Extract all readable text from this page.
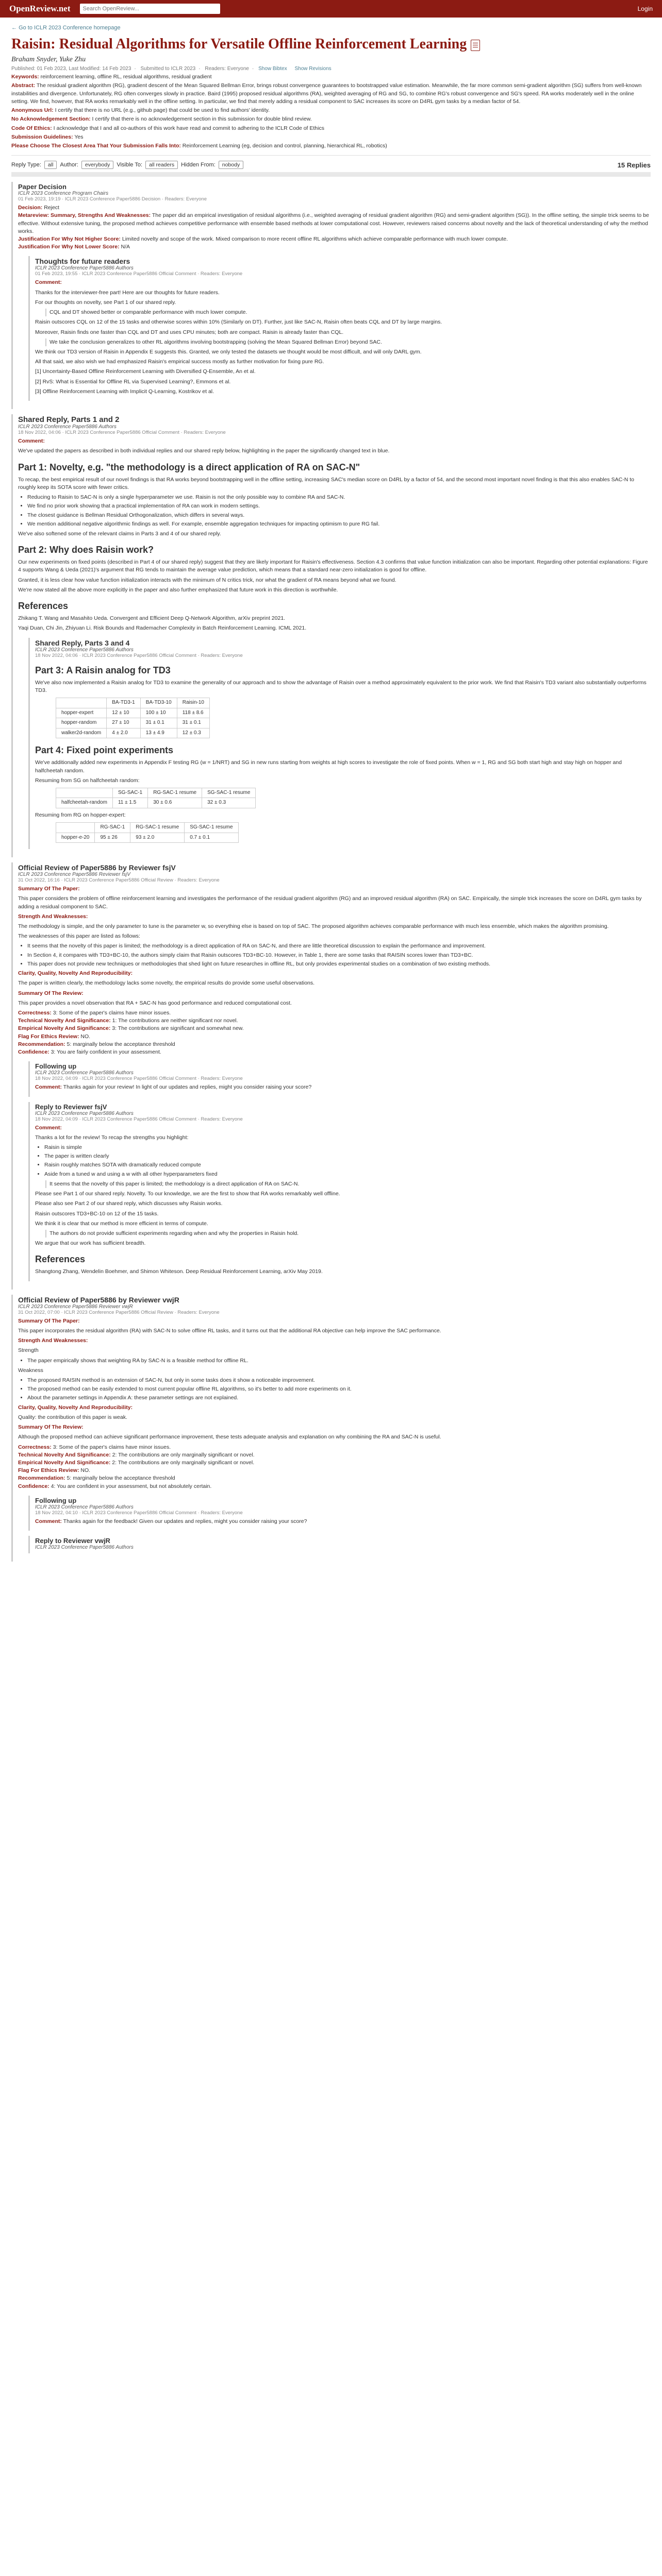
OpenReview.net
Search OpenReview...	Login
← Go to ICLR 2023 Conference homepage
Raisin: Residual Algorithms for Versatile Offline Reinforcement Learning
Braham Snyder, Yuke Zhu
Published: 01 Feb 2023, Last Modified: 14 Feb 2023 · Submitted to ICLR 2023 · Readers: Everyone · Show Bibtex Show Revisions
Keywords: reinforcement learning, offline RL, residual algorithms, residual gradient
Abstract: The residual gradient algorithm (RG), gradient descent of the Mean Squared Bellman Error, brings robust convergence guarantees to bootstrapped value estimation. Meanwhile, the far more common semi-gradient algorithm (SG) suffers from well-known instabilities and divergence. Unfortunately, RG often converges slowly in practice. Baird (1995) proposed residual algorithms (RA), weighted averaging of RG and SG, to combine RG's robust convergence and SG's speed. RA works moderately well in the online setting. We find, however, that RA works remarkably well in the offline setting. In particular, we find that merely adding a residual component to SAC increases its score on D4RL gym tasks by a median factor of 54.
Anonymous Url: I certify that there is no URL (e.g., github page) that could be used to find authors' identity.
No Acknowledgement Section: I certify that there is no acknowledgement section in this submission for double blind review.
Code Of Ethics: I acknowledge that I and all co-authors of this work have read and commit to adhering to the ICLR Code of Ethics
Submission Guidelines: Yes
Please Choose The Closest Area That Your Submission Falls Into: Reinforcement Learning (eg, decision and control, planning, hierarchical RL, robotics)
Reply Type:	all	Author:	everybody	Visible To:	all readers	Hidden From:	nobody	15 Replies
Paper Decision
ICLR 2023 Conference Program Chairs
01 Feb 2023, 19:19 · ICLR 2023 Conference Paper5886 Decision · Readers: Everyone
Decision: Reject
Metareview: Summary, Strengths And Weaknesses: The paper did an empirical investigation of residual algorithms (i.e., weighted averaging of residual gradient algorithm (RG) and semi-gradient algorithm (SG)). In the offline setting, the simple trick seems to be effective. Without extensive tuning, the proposed method achieves competitive performance with ensemble based methods at lower computational cost. However, reviewers raised concerns about novelty and the lack of theoretical understanding of why the method works.
Justification For Why Not Higher Score: Limited novelty and scope of the work. Mixed comparison to more recent offline RL algorithms which achieve comparable performance with much lower compute.
Justification For Why Not Lower Score: N/A
Thoughts for future readers
ICLR 2023 Conference Paper5886 Authors
01 Feb 2023, 19:55 · ICLR 2023 Conference Paper5886 Official Comment · Readers: Everyone
Comment:

Thanks for the interviewer-free part! Here are our thoughts for future readers.

For our thoughts on novelty, see Part 1 of our shared reply.

CQL and DT showed better or comparable performance with much lower compute.

Raisin outscores CQL on 12 of the 15 tasks and otherwise scores within 10% (Similarly on DT). Further, just like SAC-N, Raisin often beats CQL and DT by large margins.

Moreover, Raisin finds one faster than CQL and DT and uses CPU minutes; both are compact. Raisin is already faster than CQL.

We take the conclusion generalizes to other RL algorithms involving bootstrapping (solving the Mean Squared Bellman Error) beyond SAC.

We think our TD3 version of Raisin in Appendix E suggests this. Granted, we only tested the datasets we thought would be most difficult, and will only DARL gym.

All that said, we also wish we had emphasized Raisin's empirical success mostly as further motivation for fixing pure RG.

[1] Uncertainty-Based Offline Reinforcement Learning with Diversified Q-Ensemble, An et al.

[2] RvS: What is Essential for Offline RL via Supervised Learning?, Emmons et al.

[3] Offline Reinforcement Learning with Implicit Q-Learning, Kostrikov et al.

Shared Reply, Parts 1 and 2
ICLR 2023 Conference Paper5886 Authors
18 Nov 2022, 04:06 · ICLR 2023 Conference Paper5886 Official Comment · Readers: Everyone
Comment:

We've updated the papers as described in both individual replies and our shared reply below, highlighting in the paper the significantly changed text in blue.

Part 1: Novelty, e.g. "the methodology is a direct application of RA on SAC-N"

To recap, the best empirical result of our novel findings is that RA works beyond bootstrapping well in the offline setting, increasing SAC's median score on D4RL by a factor of 54, and the second most important novel finding is that this also enables SAC-N to roughly keep its SOTA score with fewer critics.

• Reducing to Raisin to SAC-N is only a single hyperparameter we use. Raisin is not the only possible way to combine RA and SAC-N.
• We find no prior work showing that a practical implementation of RA can work in modern settings.
• The closest guidance is Bellman Residual Orthogonalization, which differs in several ways.
• We mention additional negative algorithmic findings as well. For example, ensemble aggregation techniques for impacting optimism to pure RG fail.

We've also softened some of the relevant claims in Parts 3 and 4 of our shared reply.

Part 2: Why does Raisin work?

Our new experiments on fixed points (described in Part 4 of our shared reply) suggest that they are likely important for Raisin's effectiveness. Section 4.3 confirms that value function initialization can also be important. Regarding other potential explanations: Figure 4 supports Wang & Ueda (2021)'s argument that RG tends to maintain the average value prediction, which means that a standard near-zero initialization is good for offline.

Granted, it is less clear how value function initialization interacts with the minimum of N critics trick, nor what the gradient of RA means beyond what we found.

We're now stated all the above more explicitly in the paper and also further emphasized that future work in this direction is worthwhile.

References

Zhikang T. Wang and Masahito Ueda. Convergent and Efficient Deep Q-Network Algorithm, arXiv preprint 2021.

Yaqi Duan, Chi Jin, Zhiyuan Li. Risk Bounds and Rademacher Complexity in Batch Reinforcement Learning. ICML 2021.

Shared Reply, Parts 3 and 4
ICLR 2023 Conference Paper5886 Authors
18 Nov 2022, 04:06 · ICLR 2023 Conference Paper5886 Official Comment · Readers: Everyone
Part 3: A Raisin analog for TD3

We've also now implemented a Raisin analog for TD3 to examine the generality of our approach and to show the advantage of Raisin over a method approximately equivalent to the prior work. We find that Raisin's TD3 variant also substantially outperforms TD3.

	BA-TD3-1	BA-TD3-10	Raisin-10
hopper-expert	12 ± 10	100 ± 10	118 ± 8.6
hopper-random	27 ± 10	31 ± 0.1	31 ± 0.1
walker2d-random	4 ± 2.0	13 ± 4.9	12 ± 0.3
Part 4: Fixed point experiments

We've additionally added new experiments in Appendix F testing RG (w = 1/NRT) and SG in new runs starting from weights at high scores to investigate the role of fixed points. When w = 1, RG and SG both start high and stay high on hopper and halfcheetah random.

Resuming from SG on halfcheetah random:

	SG-SAC-1	RG-SAC-1 resume	SG-SAC-1 resume
halfcheetah-random	11 ± 1.5	30 ± 0.6	32 ± 0.3

Resuming from RG on hopper-expert:

	RG-SAC-1	RG-SAC-1 resume	SG-SAC-1 resume
hopper-e-20	95 ± 26	93 ± 2.0	0.7 ± 0.1
Official Review of Paper5886 by Reviewer fsjV
ICLR 2023 Conference Paper5886 Reviewer fsjV
31 Oct 2022, 16:16 · ICLR 2023 Conference Paper5886 Official Review · Readers: Everyone
Summary Of The Paper:

This paper considers the problem of offline reinforcement learning and investigates the performance of the residual gradient algorithm (RG) and an improved residual algorithm (RA) on SAC. Empirically, the simple trick increases the score on D4RL gym tasks by adding a residual component to SAC.

Strength And Weaknesses:

The methodology is simple, and the only parameter to tune is the parameter w, so everything else is based on top of SAC. The proposed algorithm achieves comparable performance with much less ensemble, which makes the algorithm promising.

The weaknesses of this paper are listed as follows:

• It seems that the novelty of this paper is limited; the methodology is a direct application of RA on SAC-N, and there are little theoretical discussion to explain the performance and improvement.
• In Section 4, it compares with TD3+BC-10, the authors simply claim that Raisin outscores TD3+BC-10. However, in Table 1, there are some tasks that RAISIN scores lower than TD3+BC.
• This paper does not provide new techniques or methodologies that shed light on future researches in offline RL, but only provides experimental studies on a combination of two existing methods.
Clarity, Quality, Novelty And Reproducibility:

The paper is written clearly, the methodology lacks some novelty, the empirical results do provide some useful observations.

Summary Of The Review:

This paper provides a novel observation that RA + SAC-N has good performance and reduced computational cost.

Correctness: 3: Some of the paper's claims have minor issues.
Technical Novelty And Significance: 1: The contributions are neither significant nor novel.
Empirical Novelty And Significance: 3: The contributions are significant and somewhat new.
Flag For Ethics Review: NO.
Recommendation: 5: marginally below the acceptance threshold
Confidence: 3: You are fairly confident in your assessment.
Following up
ICLR 2023 Conference Paper5886 Authors
18 Nov 2022, 04:09 · ICLR 2023 Conference Paper5886 Official Comment · Readers: Everyone
Comment: Thanks again for your review! In light of our updates and replies, might you consider raising your score?
Reply to Reviewer fsjV
ICLR 2023 Conference Paper5886 Authors
18 Nov 2022, 04:09 · ICLR 2023 Conference Paper5886 Official Comment · Readers: Everyone
Comment:

Thanks a lot for the review! To recap the strengths you highlight:

• Raisin is simple
• The paper is written clearly
• Raisin roughly matches SOTA with dramatically reduced compute
• Aside from a tuned w and using a w with all other hyperparameters fixed

It seems that the novelty of this paper is limited; the methodology is a direct application of RA on SAC-N.

Please see Part 1 of our shared reply. Novelty. To our knowledge, we are the first to show that RA works remarkably well offline.

Please also see Part 2 of our shared reply, which discusses why Raisin works.

Raisin outscores TD3+BC-10 on 12 of the 15 tasks.

We think it is clear that our method is more efficient in terms of compute.

The authors do not provide sufficient experiments regarding when and why the properties in Raisin hold.

We argue that our work has sufficient breadth.

References

Shangtong Zhang, Wendelin Boehmer, and Shimon Whiteson. Deep Residual Reinforcement Learning, arXiv May 2019.

Official Review of Paper5886 by Reviewer vwjR
ICLR 2023 Conference Paper5886 Reviewer vwjR
31 Oct 2022, 07:00 · ICLR 2023 Conference Paper5886 Official Review · Readers: Everyone
Summary Of The Paper:

This paper incorporates the residual algorithm (RA) with SAC-N to solve offline RL tasks, and it turns out that the additional RA objective can help improve the SAC performance.

Strength And Weaknesses:

Strength

• The paper empirically shows that weighting RA by SAC-N is a feasible method for offline RL.

Weakness

• The proposed RAISIN method is an extension of SAC-N, but only in some tasks does it show a noticeable improvement.
• The proposed method can be easily extended to most current popular offline RL algorithms, so it's better to add more experiments on it.
• About the parameter settings in Appendix A: these parameter settings are not explained.
Clarity, Quality, Novelty And Reproducibility:

Quality: the contribution of this paper is weak.

Summary Of The Review:

Although the proposed method can achieve significant performance improvement, these tests adequate analysis and explanation on why combining the RA and SAC-N is useful.

Correctness: 3: Some of the paper's claims have minor issues.
Technical Novelty And Significance: 2: The contributions are only marginally significant or novel.
Empirical Novelty And Significance: 2: The contributions are only marginally significant or novel.
Flag For Ethics Review: NO.
Recommendation: 5: marginally below the acceptance threshold
Confidence: 4: You are confident in your assessment, but not absolutely certain.
Following up
ICLR 2023 Conference Paper5886 Authors
18 Nov 2022, 04:10 · ICLR 2023 Conference Paper5886 Official Comment · Readers: Everyone
Comment: Thanks again for the feedback! Given our updates and replies, might you consider raising your score?
Reply to Reviewer vwjR
ICLR 2023 Conference Paper5886 Authors
